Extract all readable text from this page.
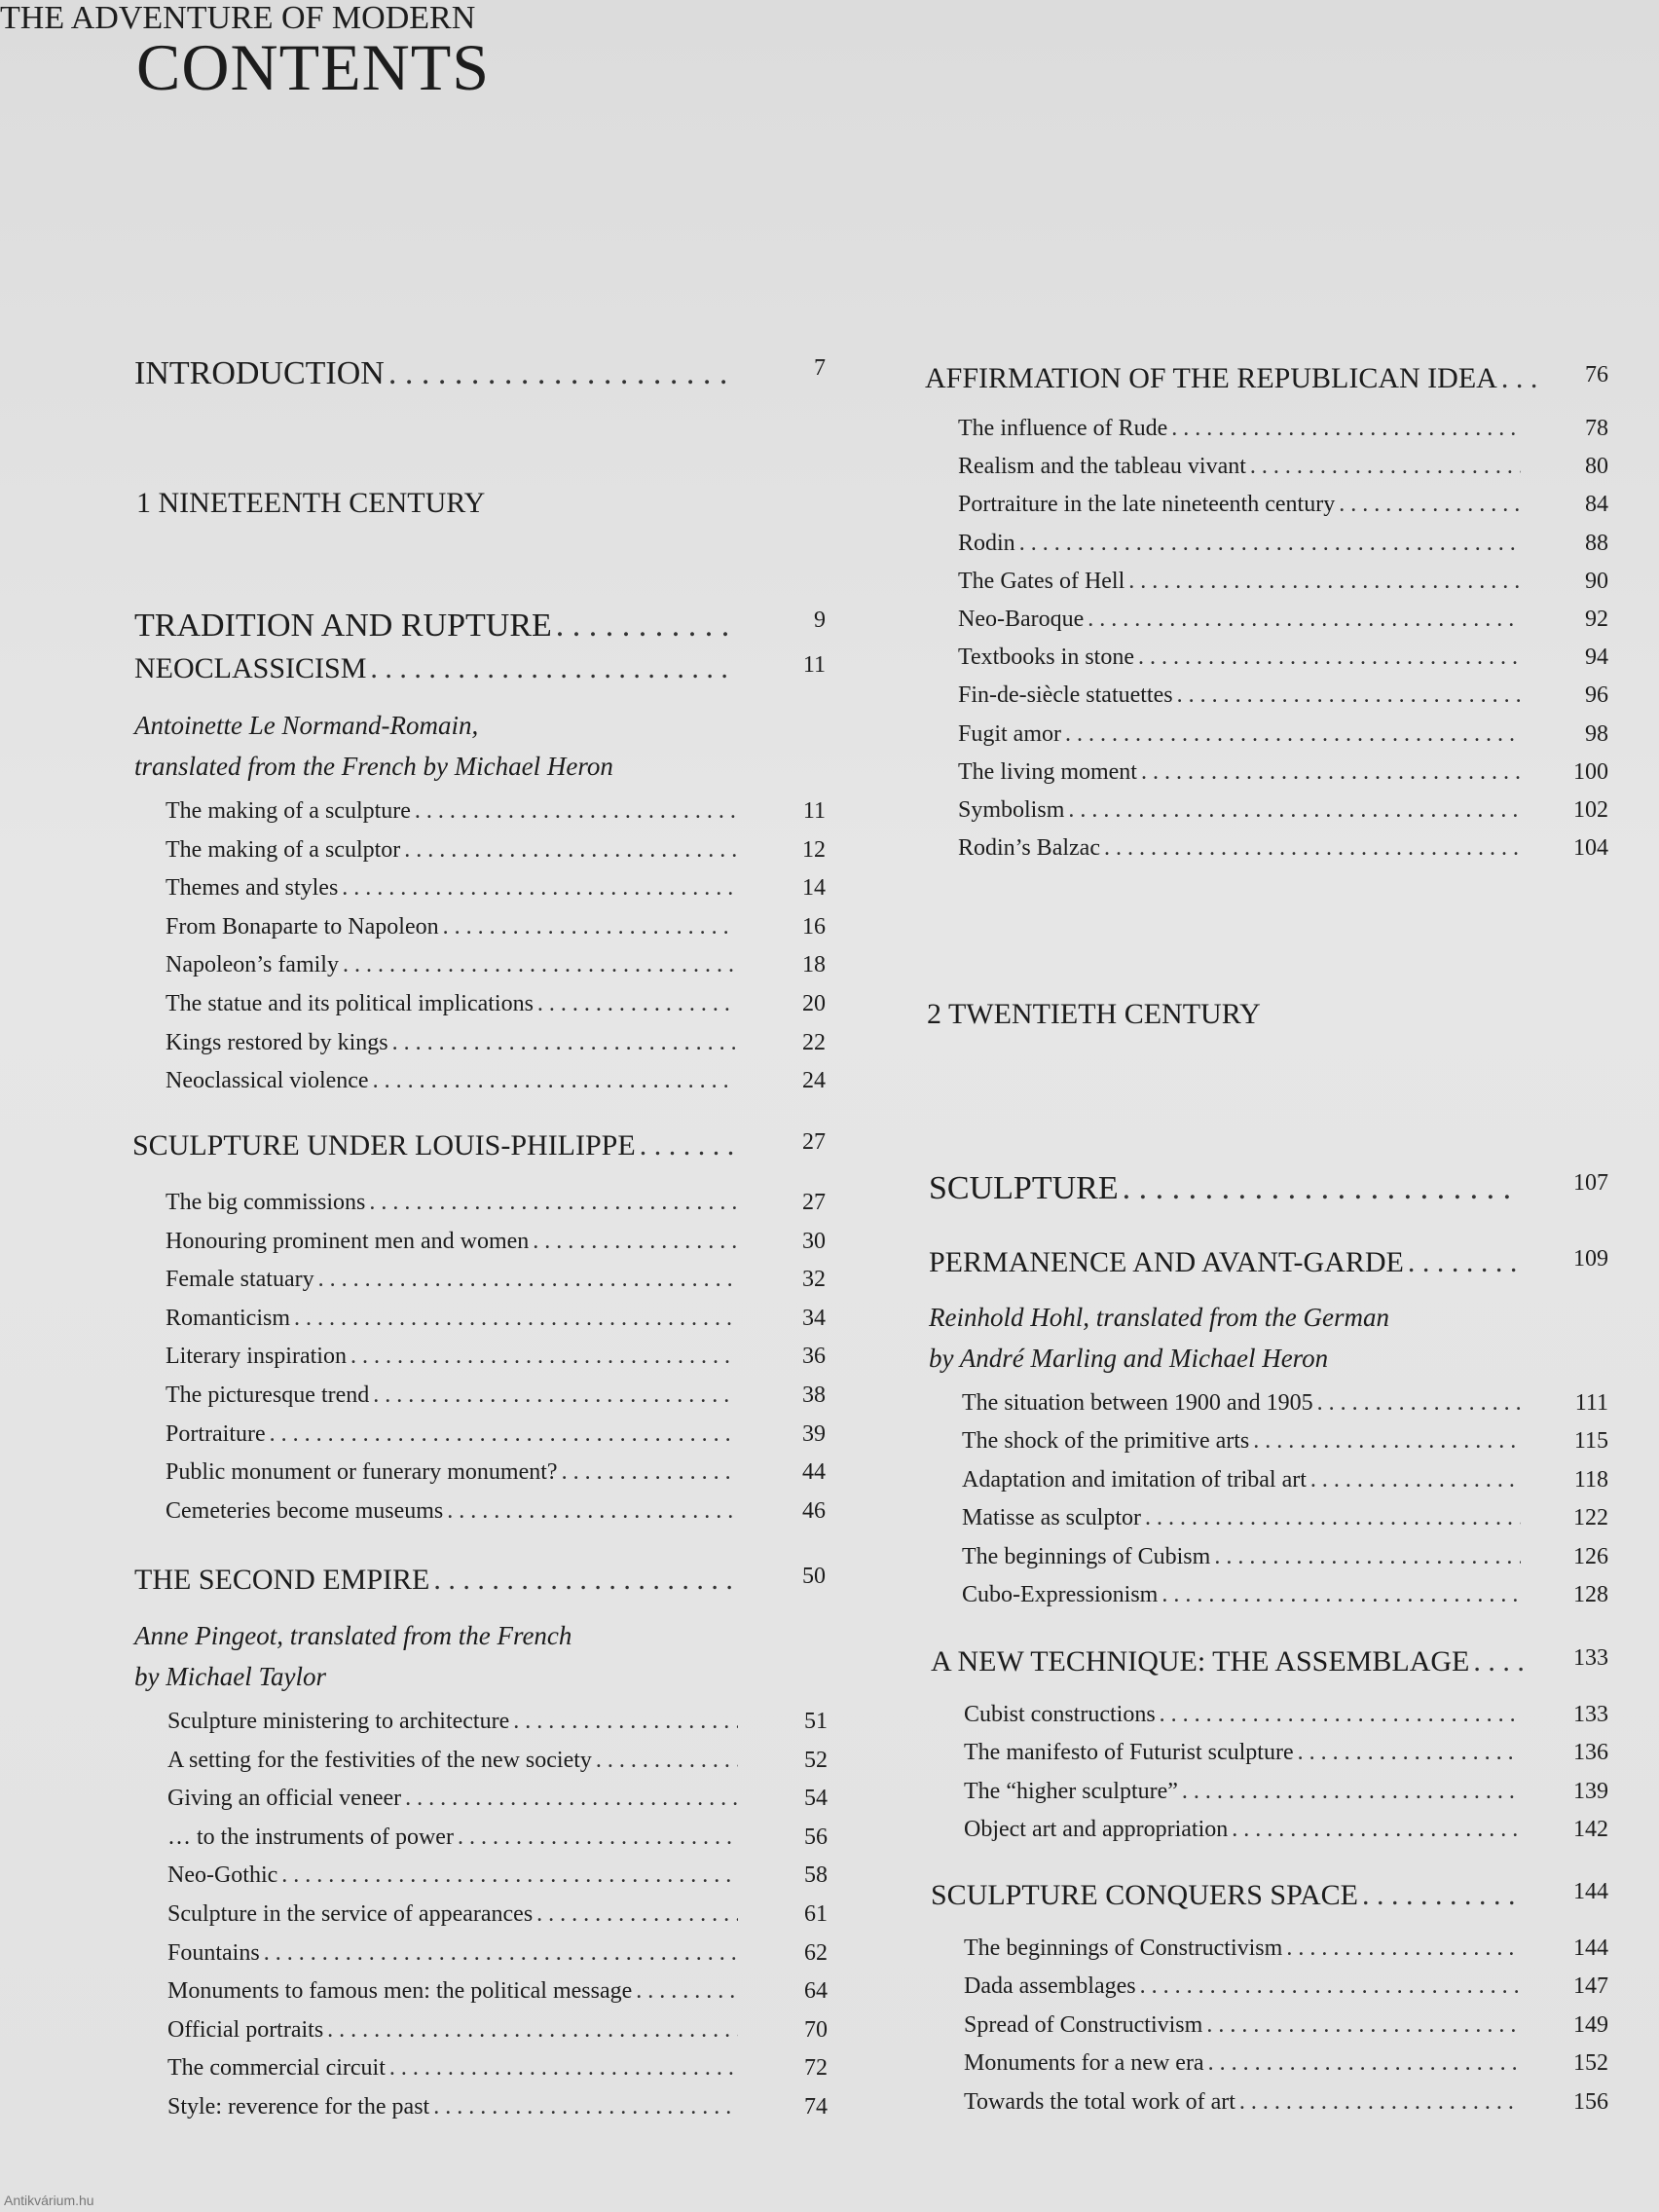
CONTENTS
INTRODUCTION . . .	7
1 NINETEENTH CENTURY
TRADITION AND RUPTURE . . .	9
NEOCLASSICISM . . .	11
Antoinette Le Normand-Romain,
translated from the French by Michael Heron
The making of a sculpture . . .	11
The making of a sculptor . . .	12
Themes and styles . . .	14
From Bonaparte to Napoleon . . .	16
Napoleon’s family . . .	18
The statue and its political implications . . .	20
Kings restored by kings . . .	22
Neoclassical violence . . .	24
SCULPTURE UNDER LOUIS-PHILIPPE . . .	27
The big commissions . . .	27
Honouring prominent men and women . . .	30
Female statuary . . .	32
Romanticism . . .	34
Literary inspiration . . .	36
The picturesque trend . . .	38
Portraiture . . .	39
Public monument or funerary monument? . . .	44
Cemeteries become museums . . .	46
THE SECOND EMPIRE . . .	50
Anne Pingeot, translated from the French
by Michael Taylor
Sculpture ministering to architecture . . .	51
A setting for the festivities of the new society . . .	52
Giving an official veneer . . .	54
… to the instruments of power . . .	56
Neo-Gothic . . .	58
Sculpture in the service of appearances . . .	61
Fountains . . .	62
Monuments to famous men: the political message . . .	64
Official portraits . . .	70
The commercial circuit . . .	72
Style: reverence for the past . . .	74
AFFIRMATION OF THE REPUBLICAN IDEA . . .	76
The influence of Rude . . .	78
Realism and the tableau vivant . . .	80
Portraiture in the late nineteenth century . . .	84
Rodin . . .	88
The Gates of Hell . . .	90
Neo-Baroque . . .	92
Textbooks in stone . . .	94
Fin-de-siècle statuettes . . .	96
Fugit amor . . .	98
The living moment . . .	100
Symbolism . . .	102
Rodin’s Balzac . . .	104
2 TWENTIETH CENTURY
THE ADVENTURE OF MODERN
SCULPTURE . . .	107
PERMANENCE AND AVANT-GARDE . . .	109
Reinhold Hohl, translated from the German
by André Marling and Michael Heron
The situation between 1900 and 1905 . . .	111
The shock of the primitive arts . . .	115
Adaptation and imitation of tribal art . . .	118
Matisse as sculptor . . .	122
The beginnings of Cubism . . .	126
Cubo-Expressionism . . .	128
A NEW TECHNIQUE: THE ASSEMBLAGE . . .	133
Cubist constructions . . .	133
The manifesto of Futurist sculpture . . .	136
The “higher sculpture” . . .	139
Object art and appropriation . . .	142
SCULPTURE CONQUERS SPACE . . .	144
The beginnings of Constructivism . . .	144
Dada assemblages . . .	147
Spread of Constructivism . . .	149
Monuments for a new era . . .	152
Towards the total work of art . . .	156
Antikvárium.hu
